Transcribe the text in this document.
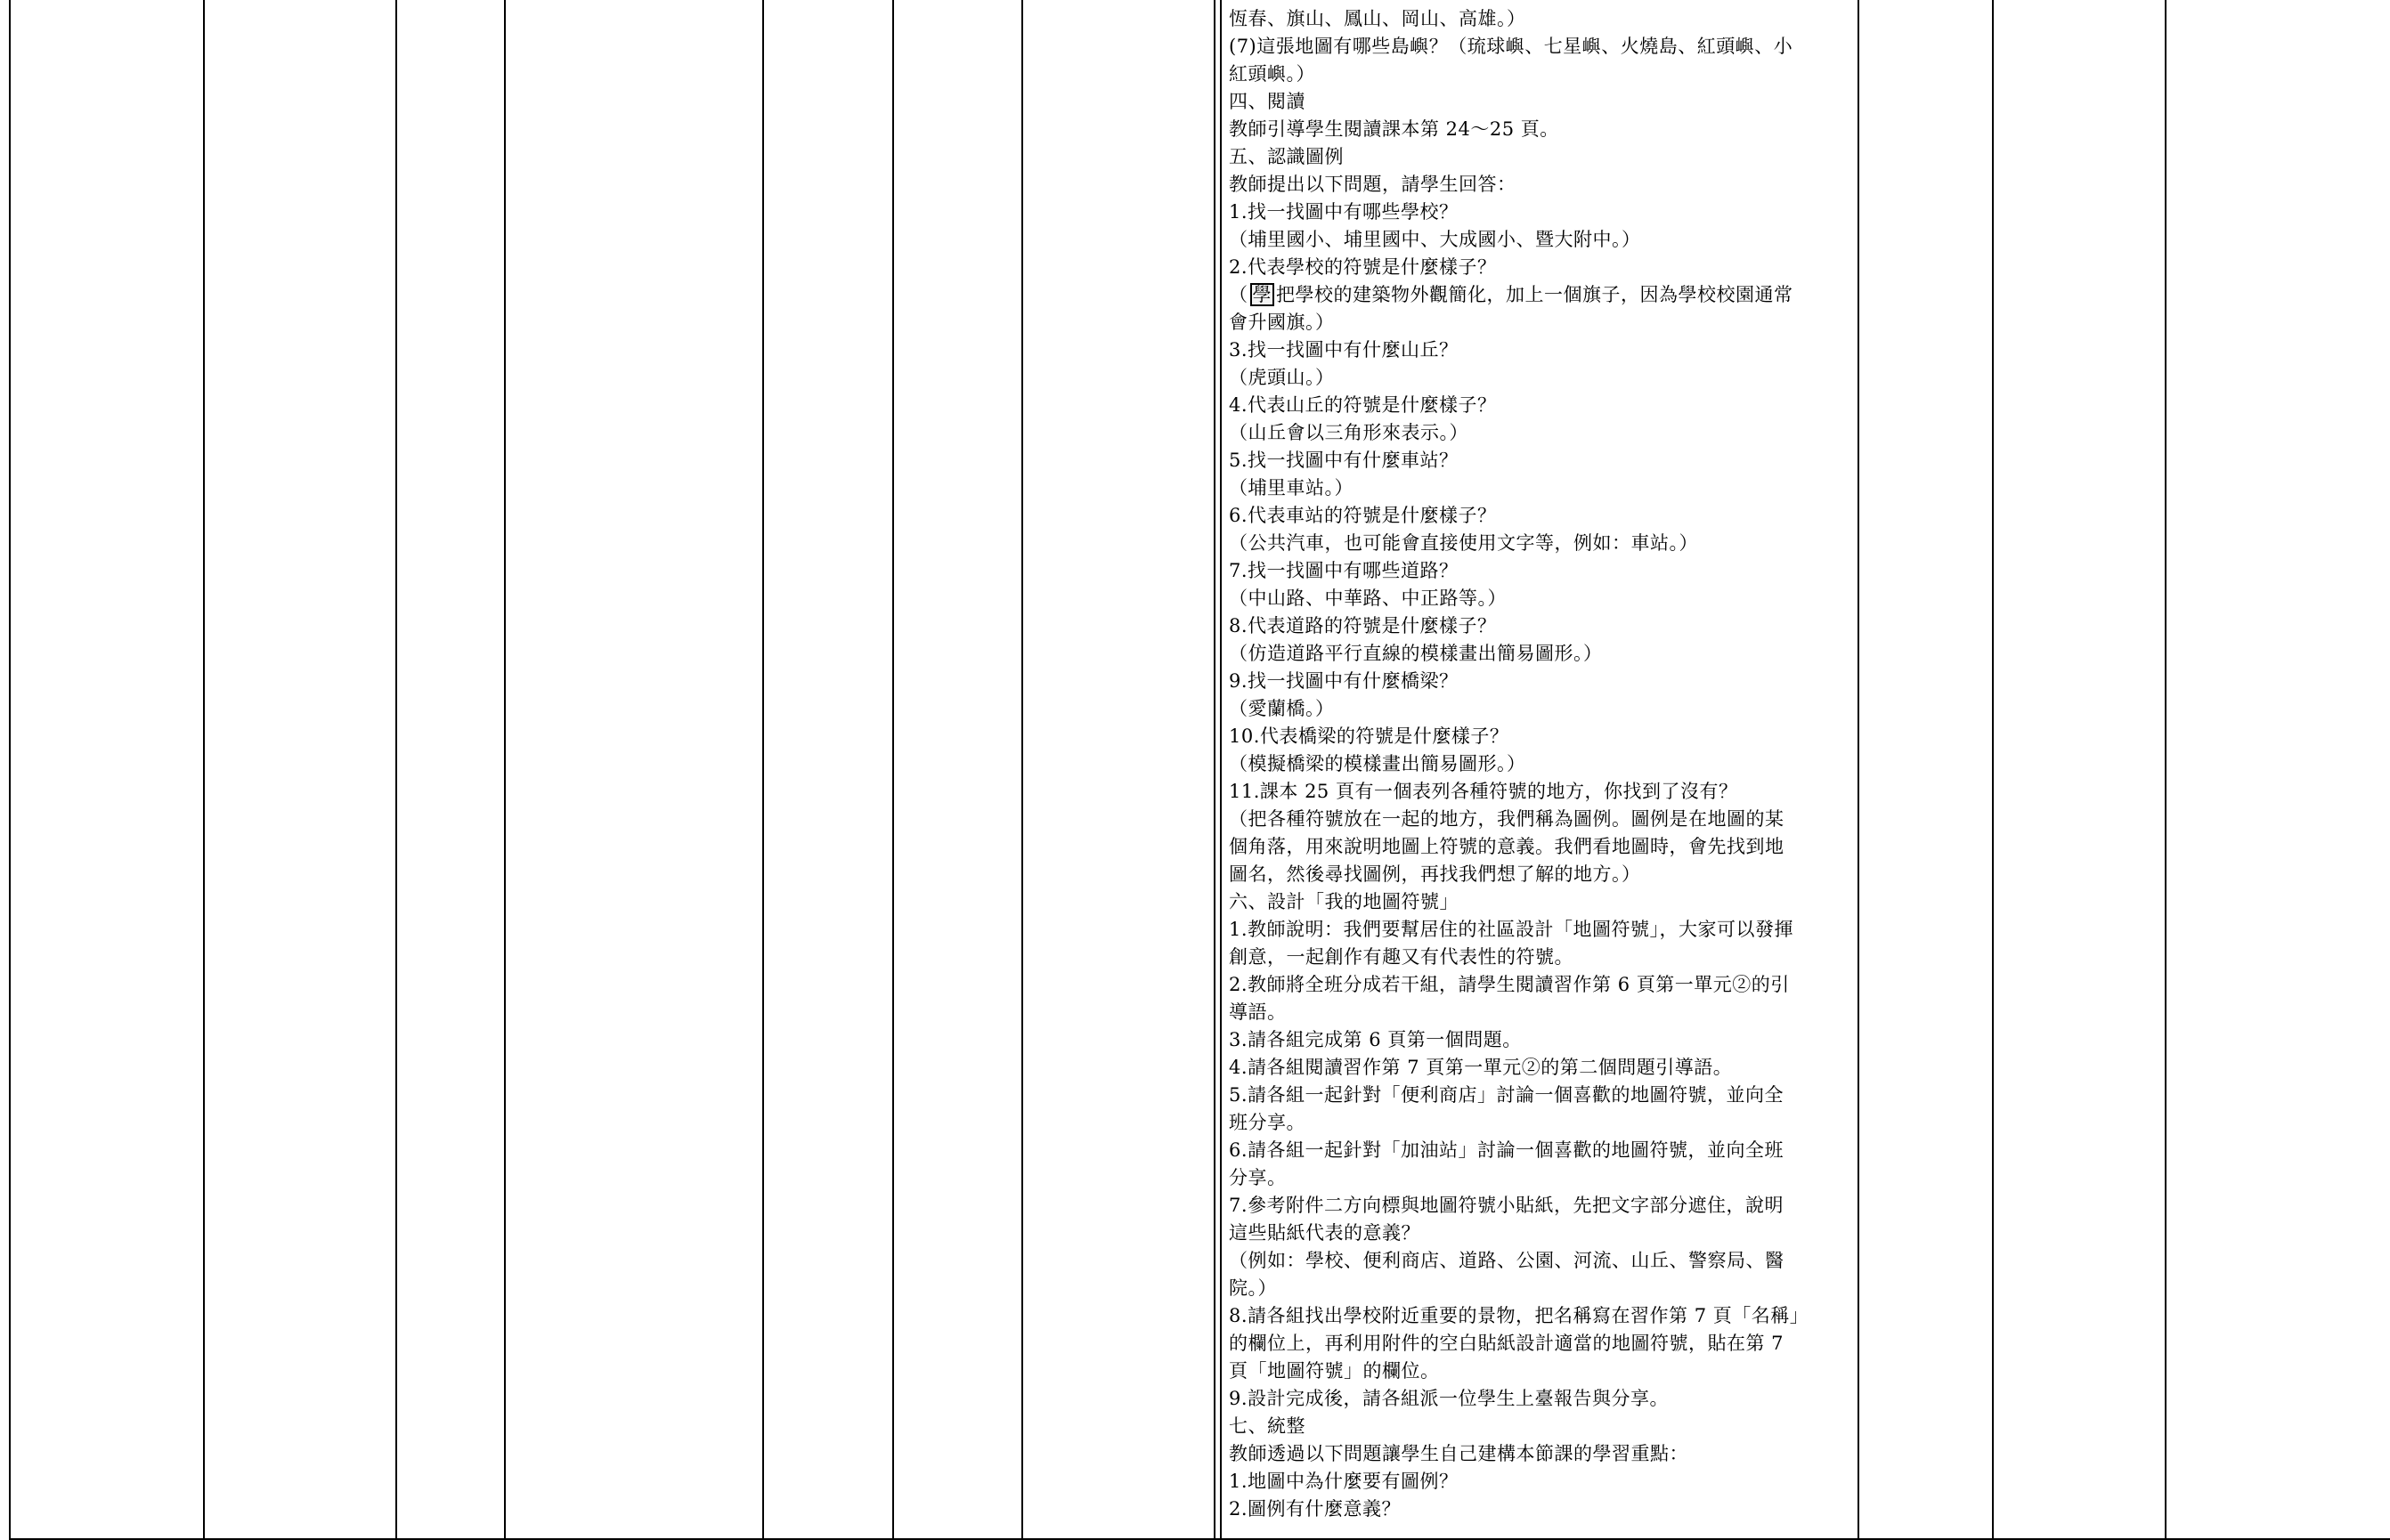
恆春、旗山、鳳山、岡山、高雄。）
(7)這張地圖有哪些島嶼？（琉球嶼、七星嶼、火燒島、紅頭嶼、小
紅頭嶼。）
四、閱讀
教師引導學生閱讀課本第 24～25 頁。
五、認識圖例
教師提出以下問題，請學生回答：
1.找一找圖中有哪些學校？
（埔里國小、埔里國中、大成國小、暨大附中。）
2.代表學校的符號是什麼樣子？
（ 學 把學校的建築物外觀簡化，加上一個旗子，因為學校校園通常
會升國旗。）
3.找一找圖中有什麼山丘？
（虎頭山。）
4.代表山丘的符號是什麼樣子？
（山丘會以三角形來表示。）
5.找一找圖中有什麼車站？
（埔里車站。）
6.代表車站的符號是什麼樣子？
（公共汽車，也可能會直接使用文字等，例如：車站。）
7.找一找圖中有哪些道路？
（中山路、中華路、中正路等。）
8.代表道路的符號是什麼樣子？
（仿造道路平行直線的模樣畫出簡易圖形。）
9.找一找圖中有什麼橋梁？
（愛蘭橋。）
10.代表橋梁的符號是什麼樣子？
（模擬橋梁的模樣畫出簡易圖形。）
11.課本 25 頁有一個表列各種符號的地方，你找到了沒有？
（把各種符號放在一起的地方，我們稱為圖例。圖例是在地圖的某
個角落，用來說明地圖上符號的意義。我們看地圖時，會先找到地
圖名，然後尋找圖例，再找我們想了解的地方。）
六、設計「我的地圖符號」
1.教師說明：我們要幫居住的社區設計「地圖符號」，大家可以發揮
創意，一起創作有趣又有代表性的符號。
2.教師將全班分成若干組，請學生閱讀習作第 6 頁第一單元②的引
導語。
3.請各組完成第 6 頁第一個問題。
4.請各組閱讀習作第 7 頁第一單元②的第二個問題引導語。
5.請各組一起針對「便利商店」討論一個喜歡的地圖符號，並向全
班分享。
6.請各組一起針對「加油站」討論一個喜歡的地圖符號，並向全班
分享。
7.參考附件二方向標與地圖符號小貼紙，先把文字部分遮住，說明
這些貼紙代表的意義？
（例如：學校、便利商店、道路、公園、河流、山丘、警察局、醫
院。）
8.請各組找出學校附近重要的景物，把名稱寫在習作第 7 頁「名稱」
的欄位上，再利用附件的空白貼紙設計適當的地圖符號，貼在第 7
頁「地圖符號」的欄位。
9.設計完成後，請各組派一位學生上臺報告與分享。
七、統整
教師透過以下問題讓學生自己建構本節課的學習重點：
1.地圖中為什麼要有圖例？
2.圖例有什麼意義？
